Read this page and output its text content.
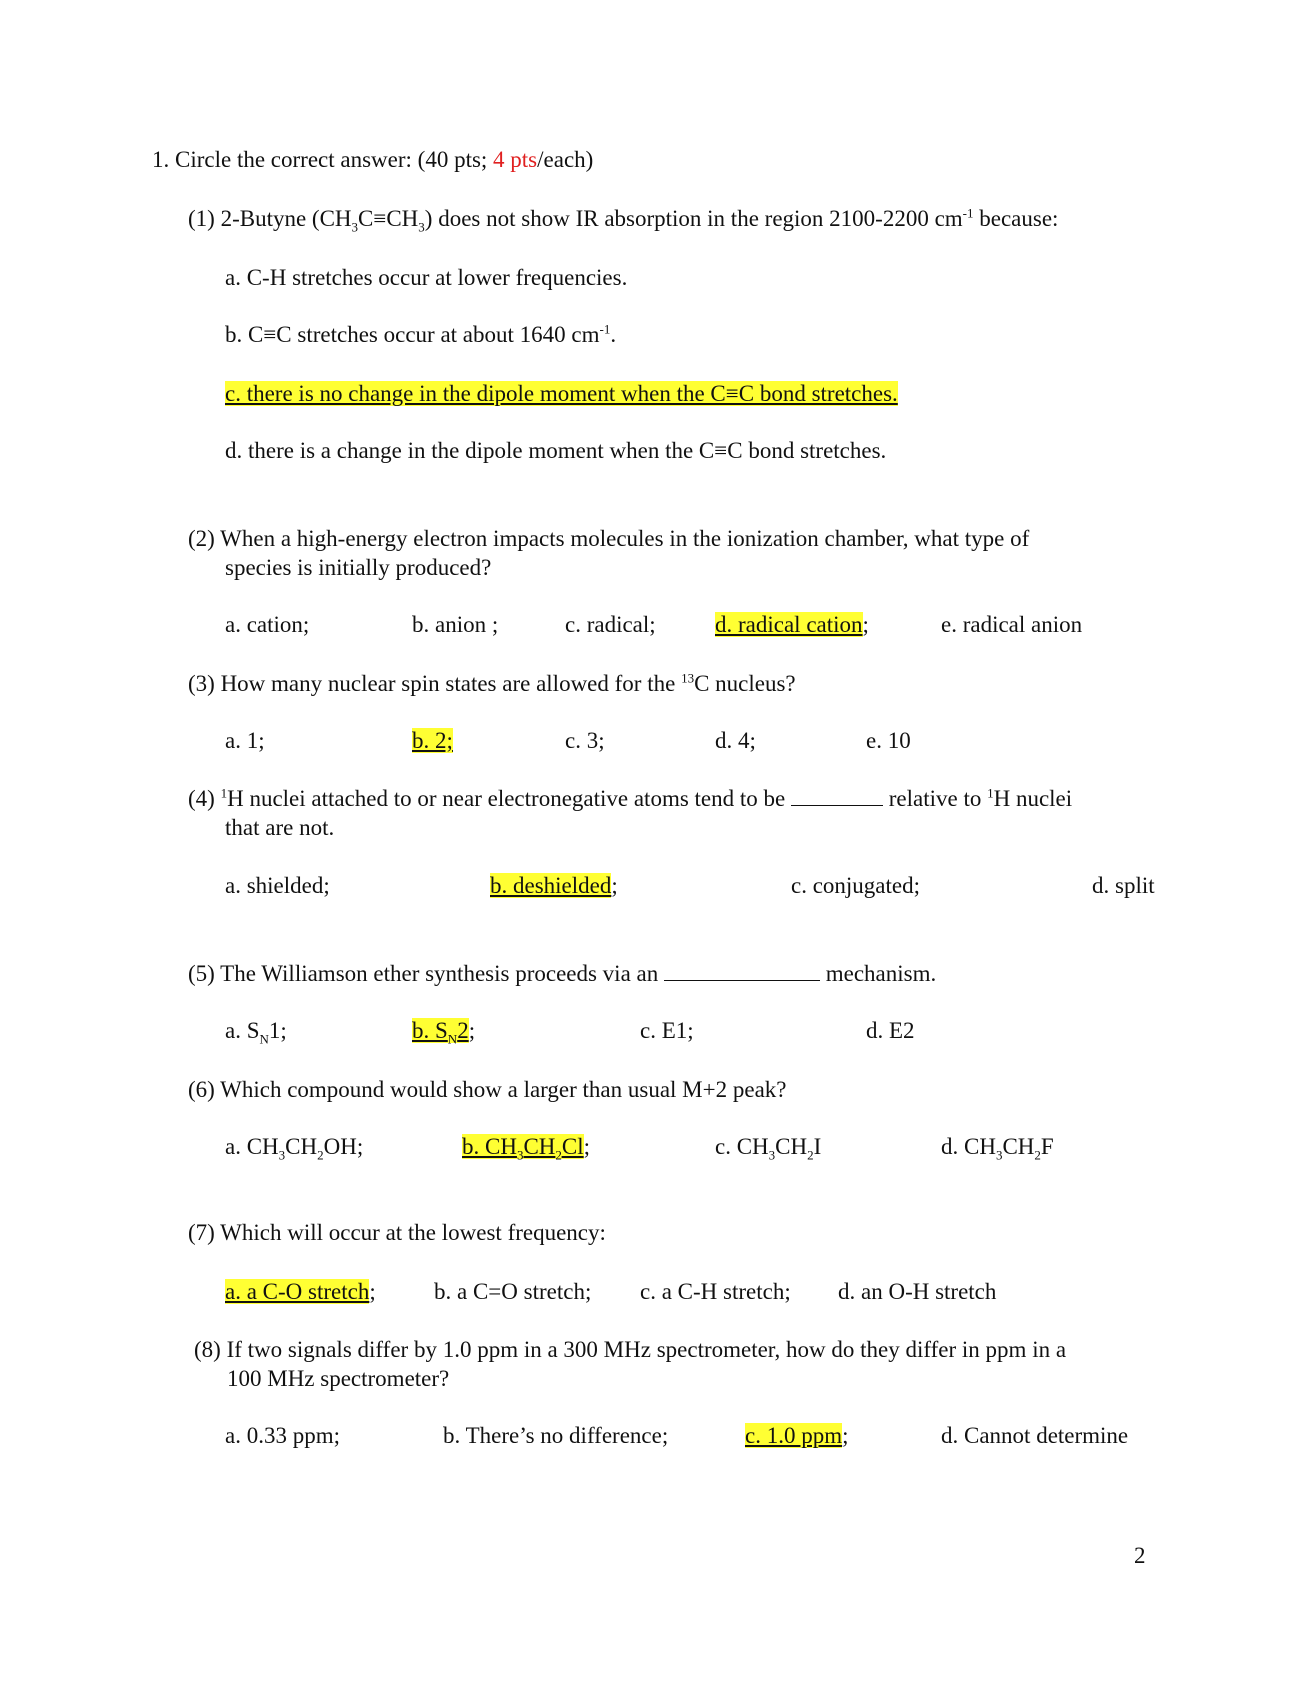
1. Circle the correct answer: (40 pts; 4 pts/each)
(1) 2-Butyne $(CH_3C\equiv CH_3)$ does not show IR absorption in the region 2100-2200 $cm^{-1}$ because:
a. C-H stretches occur at lower frequencies.
b. C≡C stretches occur at about 1640 $cm^{-1}$.
c. there is no change in the dipole moment when the C≡C bond stretches.
d. there is a change in the dipole moment when the C≡C bond stretches.
(2) When a high-energy electron impacts molecules in the ionization chamber, what type of
species is initially produced?
a. cation;	b. anion ;	c. radical;	d. radical cation;	e. radical anion
(3) How many nuclear spin states are allowed for the $^{13}$C nucleus?
a. 1;	b. 2;	c. 3;	d. 4;	e. 10
(4) $^1$H nuclei attached to or near electronegative atoms tend to be	relative to $^1$H nuclei
that are not.
a. shielded;	b. deshielded;	c. conjugated;	d. split
(5) The Williamson ether synthesis proceeds via an	mechanism.
a. $S_N1$;	b. $S_N2$;	c. E1;	d. E2
(6) Which compound would show a larger than usual M+2 peak?
a. $CH_3CH_2OH$;	b. $CH_3CH_2Cl$;	c. $CH_3CH_2I$	d. $CH_3CH_2F$
(7) Which will occur at the lowest frequency:
a. a C-O stretch;	b. a C=O stretch; c. a C-H stretch; d. an O-H stretch
(8) If two signals differ by 1.0 ppm in a 300 MHz spectrometer, how do they differ in ppm in a
100 MHz spectrometer?
a. 0.33 ppm;	b. There’s no difference;	c. 1.0 ppm;	d. Cannot determine
2
